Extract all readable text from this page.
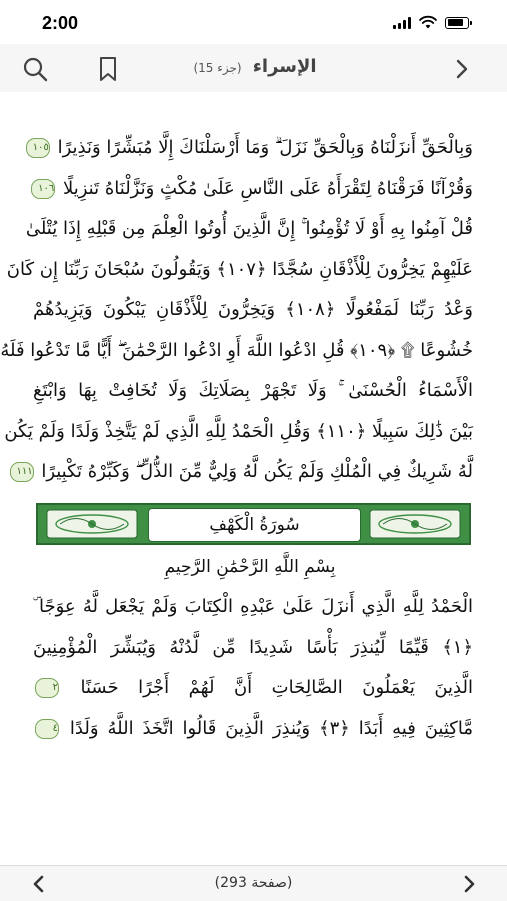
2:00
الإسراء (جزء 15)
وَبِالْحَقِّ أَنزَلْنَاهُ وَبِالْحَقِّ نَزَلَ ۗ وَمَا أَرْسَلْنَاكَ إِلَّا مُبَشِّرًا وَنَذِيرًا ١٠٥
وَقُرْآنًا فَرَقْنَاهُ لِتَقْرَأَهُ عَلَى النَّاسِ عَلَىٰ مُكْثٍ وَنَزَّلْنَاهُ تَنزِيلًا ١٠٦
قُلْ آمِنُوا بِهِ أَوْ لَا تُؤْمِنُوا ۚ إِنَّ الَّذِينَ أُوتُوا الْعِلْمَ مِن قَبْلِهِ إِذَا يُتْلَىٰ
عَلَيْهِمْ يَخِرُّونَ لِلْأَذْقَانِ سُجَّدًا ﴿١٠٧﴾ وَيَقُولُونَ سُبْحَانَ رَبِّنَا إِن كَانَ
وَعْدُ رَبِّنَا لَمَفْعُولًا ﴿١٠٨﴾ وَيَخِرُّونَ لِلْأَذْقَانِ يَبْكُونَ وَيَزِيدُهُمْ
خُشُوعًا ۩ ﴿١٠٩﴾ قُلِ ادْعُوا اللَّهَ أَوِ ادْعُوا الرَّحْمَٰنَ ۖ أَيًّا مَّا تَدْعُوا فَلَهُ
الْأَسْمَاءُ الْحُسْنَىٰ ۚ وَلَا تَجْهَرْ بِصَلَاتِكَ وَلَا تُخَافِتْ بِهَا وَابْتَغِ
بَيْنَ ذَٰلِكَ سَبِيلًا ﴿١١٠﴾ وَقُلِ الْحَمْدُ لِلَّهِ الَّذِي لَمْ يَتَّخِذْ وَلَدًا وَلَمْ يَكُن
لَّهُ شَرِيكٌ فِي الْمُلْكِ وَلَمْ يَكُن لَّهُ وَلِيٌّ مِّنَ الذُّلِّ ۖ وَكَبِّرْهُ تَكْبِيرًا ١١١
سُورَةُ الْكَهْفِ
بِسْمِ اللَّهِ الرَّحْمَٰنِ الرَّحِيمِ
الْحَمْدُ لِلَّهِ الَّذِي أَنزَلَ عَلَىٰ عَبْدِهِ الْكِتَابَ وَلَمْ يَجْعَل لَّهُ عِوَجًا ۜ
﴿١﴾ قَيِّمًا لِّيُنذِرَ بَأْسًا شَدِيدًا مِّن لَّدُنْهُ وَيُبَشِّرَ الْمُؤْمِنِينَ
الَّذِينَ يَعْمَلُونَ الصَّالِحَاتِ أَنَّ لَهُمْ أَجْرًا حَسَنًا ٢
مَّاكِثِينَ فِيهِ أَبَدًا ﴿٣﴾ وَيُنذِرَ الَّذِينَ قَالُوا اتَّخَذَ اللَّهُ وَلَدًا ٤
(صفحة 293)
